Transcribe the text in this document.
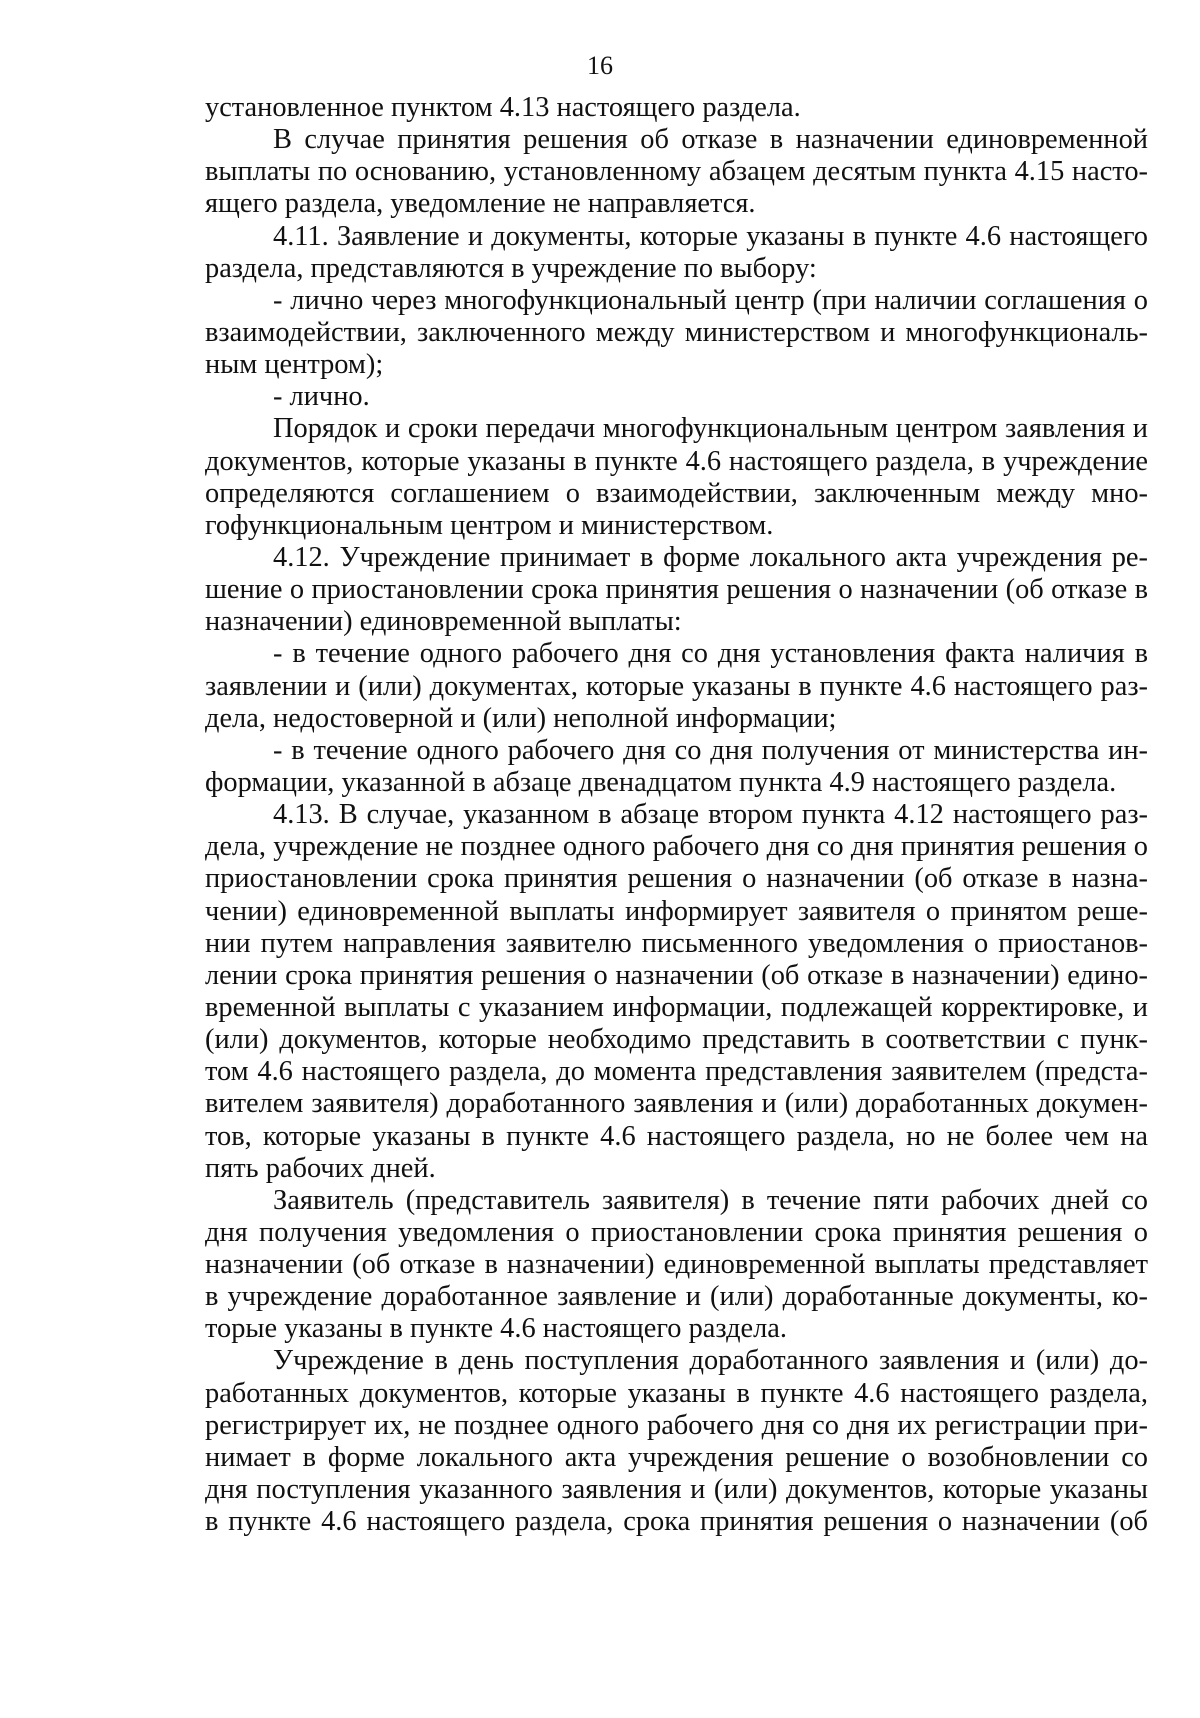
16
установленное пунктом 4.13 настоящего раздела.
В случае принятия решения об отказе в назначении единовременной
выплаты по основанию, установленному абзацем десятым пункта 4.15 насто-
ящего раздела, уведомление не направляется.
4.11. Заявление и документы, которые указаны в пункте 4.6 настоящего
раздела, представляются в учреждение по выбору:
- лично через многофункциональный центр (при наличии соглашения о
взаимодействии, заключенного между министерством и многофункциональ-
ным центром);
- лично.
Порядок и сроки передачи многофункциональным центром заявления и
документов, которые указаны в пункте 4.6 настоящего раздела, в учреждение
определяются соглашением о взаимодействии, заключенным между мно-
гофункциональным центром и министерством.
4.12. Учреждение принимает в форме локального акта учреждения ре-
шение о приостановлении срока принятия решения о назначении (об отказе в
назначении) единовременной выплаты:
- в течение одного рабочего дня со дня установления факта наличия в
заявлении и (или) документах, которые указаны в пункте 4.6 настоящего раз-
дела, недостоверной и (или) неполной информации;
- в течение одного рабочего дня со дня получения от министерства ин-
формации, указанной в абзаце двенадцатом пункта 4.9 настоящего раздела.
4.13. В случае, указанном в абзаце втором пункта 4.12 настоящего раз-
дела, учреждение не позднее одного рабочего дня со дня принятия решения о
приостановлении срока принятия решения о назначении (об отказе в назна-
чении) единовременной выплаты информирует заявителя о принятом реше-
нии путем направления заявителю письменного уведомления о приостанов-
лении срока принятия решения о назначении (об отказе в назначении) едино-
временной выплаты с указанием информации, подлежащей корректировке, и
(или) документов, которые необходимо представить в соответствии с пунк-
том 4.6 настоящего раздела, до момента представления заявителем (предста-
вителем заявителя) доработанного заявления и (или) доработанных докумен-
тов, которые указаны в пункте 4.6 настоящего раздела, но не более чем на
пять рабочих дней.
Заявитель (представитель заявителя) в течение пяти рабочих дней со
дня получения уведомления о приостановлении срока принятия решения о
назначении (об отказе в назначении) единовременной выплаты представляет
в учреждение доработанное заявление и (или) доработанные документы, ко-
торые указаны в пункте 4.6 настоящего раздела.
Учреждение в день поступления доработанного заявления и (или) до-
работанных документов, которые указаны в пункте 4.6 настоящего раздела,
регистрирует их, не позднее одного рабочего дня со дня их регистрации при-
нимает в форме локального акта учреждения решение о возобновлении со
дня поступления указанного заявления и (или) документов, которые указаны
в пункте 4.6 настоящего раздела, срока принятия решения о назначении (об
